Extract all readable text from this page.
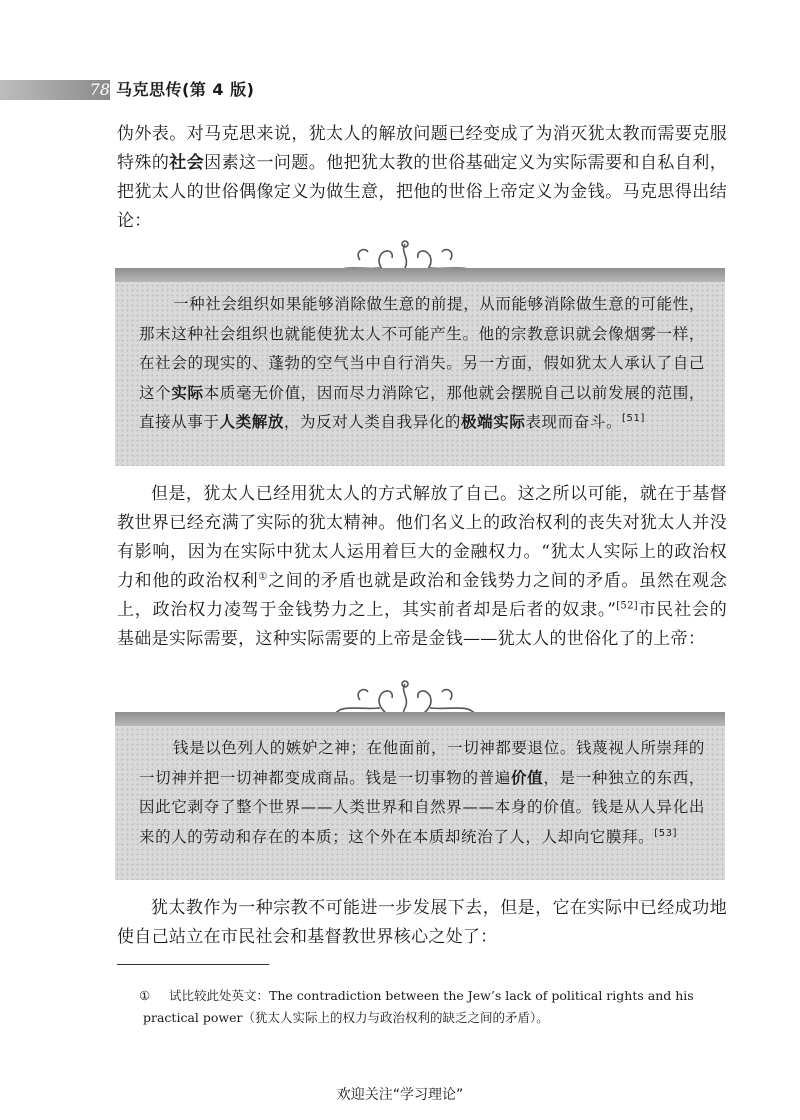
78 马克思传(第 4 版)

伪外表。对马克思来说，犹太人的解放问题已经变成了为消灭犹太教而需要克服特殊的社会因素这一问题。他把犹太教的世俗基础定义为实际需要和自私自利，把犹太人的世俗偶像定义为做生意，把他的世俗上帝定义为金钱。马克思得出结论：

一种社会组织如果能够消除做生意的前提，从而能够消除做生意的可能性，那末这种社会组织也就能使犹太人不可能产生。他的宗教意识就会像烟雾一样，在社会的现实的、蓬勃的空气当中自行消失。另一方面，假如犹太人承认了自己这个实际本质毫无价值，因而尽力消除它，那他就会摆脱自己以前发展的范围，直接从事于人类解放，为反对人类自我异化的极端实际表现而奋斗。[51]

但是，犹太人已经用犹太人的方式解放了自己。这之所以可能，就在于基督教世界已经充满了实际的犹太精神。他们名义上的政治权利的丧失对犹太人并没有影响，因为在实际中犹太人运用着巨大的金融权力。“犹太人实际上的政治权力和他的政治权利①之间的矛盾也就是政治和金钱势力之间的矛盾。虽然在观念上，政治权力凌驾于金钱势力之上，其实前者却是后者的奴隶。”[52]市民社会的基础是实际需要，这种实际需要的上帝是金钱——犹太人的世俗化了的上帝：

钱是以色列人的嫉妒之神；在他面前，一切神都要退位。钱蔑视人所崇拜的一切神并把一切神都变成商品。钱是一切事物的普遍价值，是一种独立的东西，因此它剥夺了整个世界——人类世界和自然界——本身的价值。钱是从人异化出来的人的劳动和存在的本质；这个外在本质却统治了人，人却向它膜拜。[53]

犹太教作为一种宗教不可能进一步发展下去，但是，它在实际中已经成功地使自己站立在市民社会和基督教世界核心之处了：

① 试比较此处英文：The contradiction between the Jew’s lack of political rights and his practical power（犹太人实际上的权力与政治权利的缺乏之间的矛盾）。

欢迎关注“学习理论”
